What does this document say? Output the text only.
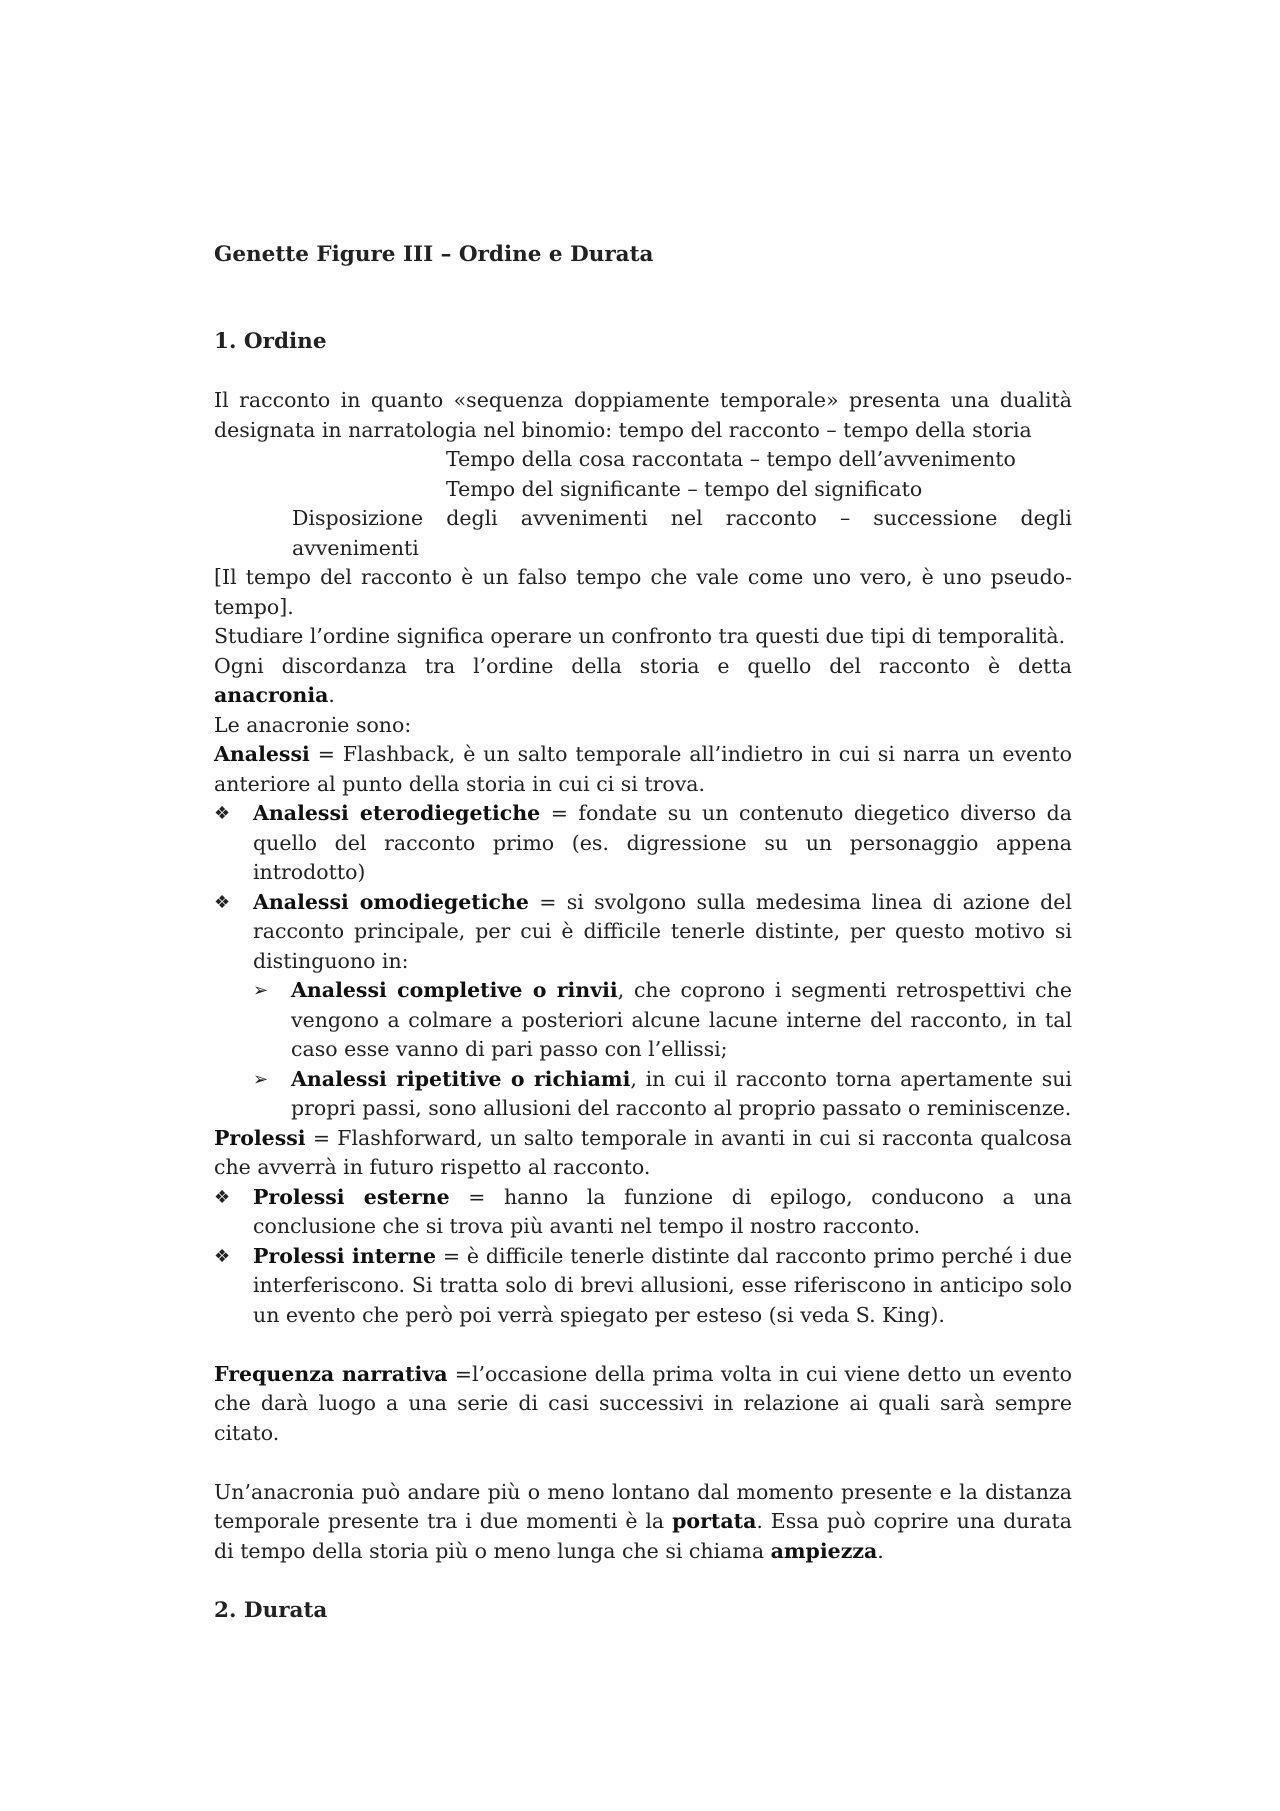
Genette Figure III – Ordine e Durata
1. Ordine

Il racconto in quanto «sequenza doppiamente temporale» presenta una dualità designata in narratologia nel binomio: tempo del racconto – tempo della storia

Tempo della cosa raccontata – tempo dell’avvenimento

Tempo del significante – tempo del significato

Disposizione degli avvenimenti nel racconto – successione degli avvenimenti

[Il tempo del racconto è un falso tempo che vale come uno vero, è uno pseudo-tempo].

Studiare l’ordine significa operare un confronto tra questi due tipi di temporalità.

Ogni discordanza tra l’ordine della storia e quello del racconto è detta anacronia.

Le anacronie sono:

Analessi = Flashback, è un salto temporale all’indietro in cui si narra un evento anteriore al punto della storia in cui ci si trova.

❖	Analessi eterodiegetiche = fondate su un contenuto diegetico diverso da quello del racconto primo (es. digressione su un personaggio appena introdotto)
❖	Analessi omodiegetiche = si svolgono sulla medesima linea di azione del racconto principale, per cui è difficile tenerle distinte, per questo motivo si distinguono in:
➢	Analessi completive o rinvii, che coprono i segmenti retrospettivi che vengono a colmare a posteriori alcune lacune interne del racconto, in tal caso esse vanno di pari passo con l’ellissi;
➢	Analessi ripetitive o richiami, in cui il racconto torna apertamente sui propri passi, sono allusioni del racconto al proprio passato o reminiscenze.

Prolessi = Flashforward, un salto temporale in avanti in cui si racconta qualcosa che avverrà in futuro rispetto al racconto.

❖	Prolessi esterne = hanno la funzione di epilogo, conducono a una conclusione che si trova più avanti nel tempo il nostro racconto.
❖	Prolessi interne = è difficile tenerle distinte dal racconto primo perché i due interferiscono. Si tratta solo di brevi allusioni, esse riferiscono in anticipo solo un evento che però poi verrà spiegato per esteso (si veda S. King).

Frequenza narrativa =l’occasione della prima volta in cui viene detto un evento che darà luogo a una serie di casi successivi in relazione ai quali sarà sempre citato.

Un’anacronia può andare più o meno lontano dal momento presente e la distanza temporale presente tra i due momenti è la portata. Essa può coprire una durata di tempo della storia più o meno lunga che si chiama ampiezza.

2. Durata
